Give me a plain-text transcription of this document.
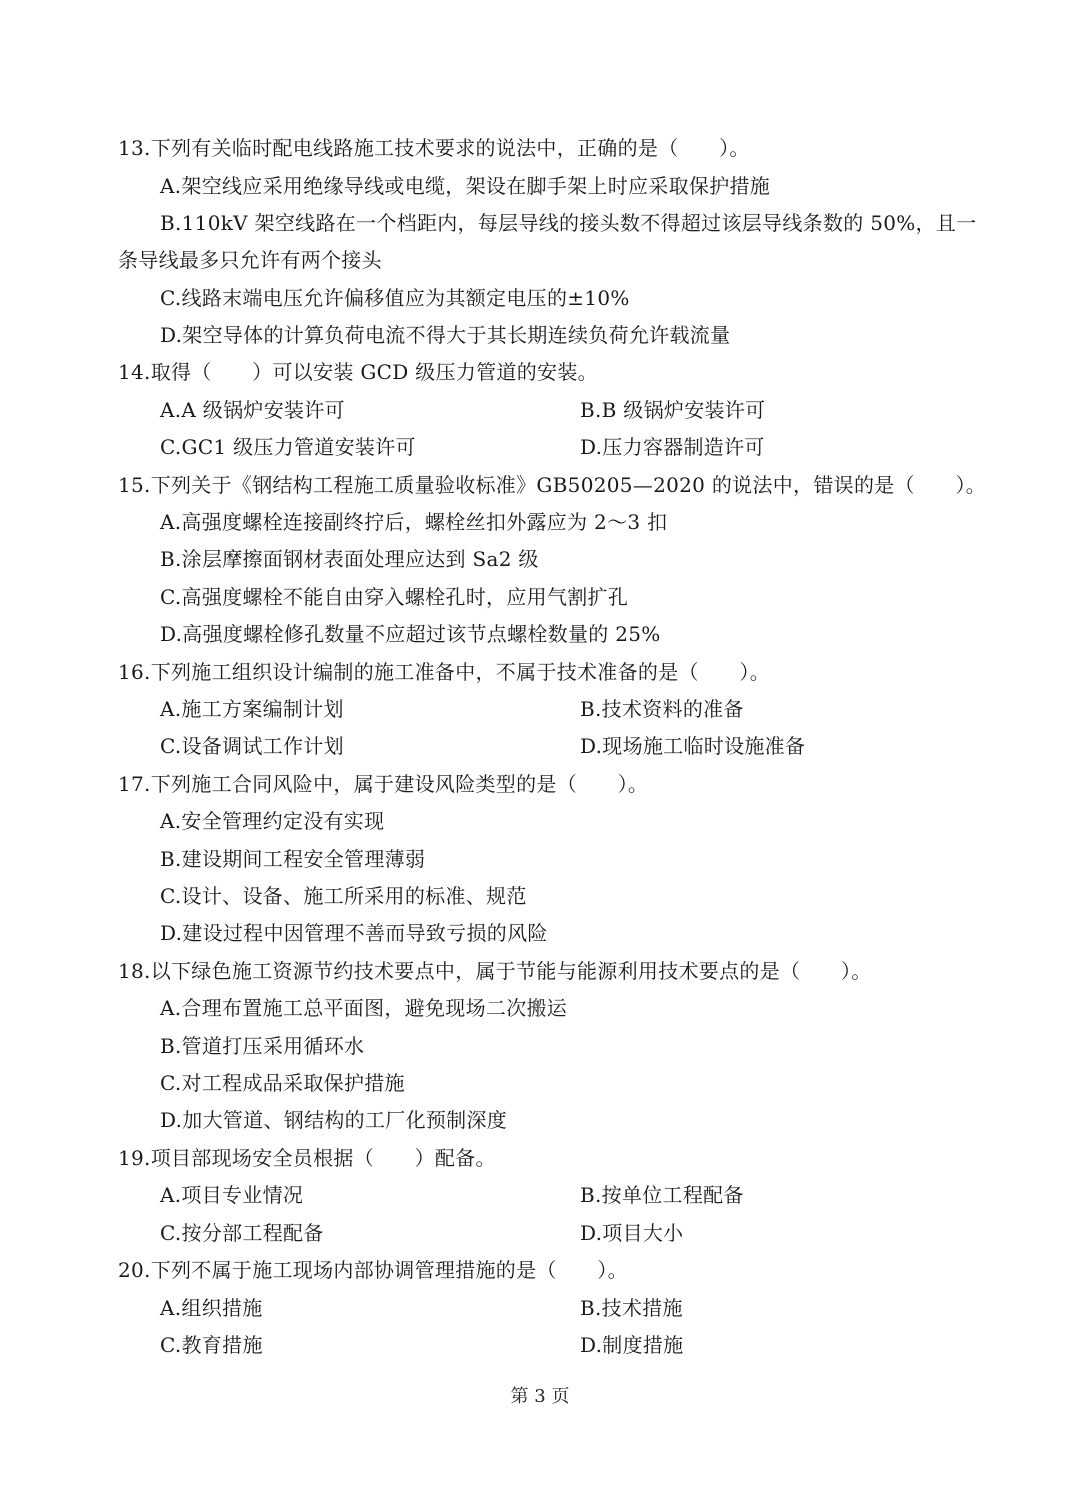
13.下列有关临时配电线路施工技术要求的说法中，正确的是（　　）。
A.架空线应采用绝缘导线或电缆，架设在脚手架上时应采取保护措施
B.110kV 架空线路在一个档距内，每层导线的接头数不得超过该层导线条数的 50%，且一
条导线最多只允许有两个接头
C.线路末端电压允许偏移值应为其额定电压的±10%
D.架空导体的计算负荷电流不得大于其长期连续负荷允许载流量
14.取得（　　）可以安装 GCD 级压力管道的安装。
A.A 级锅炉安装许可	B.B 级锅炉安装许可
C.GC1 级压力管道安装许可	D.压力容器制造许可
15.下列关于《钢结构工程施工质量验收标准》GB50205—2020 的说法中，错误的是（　　）。
A.高强度螺栓连接副终拧后，螺栓丝扣外露应为 2～3 扣
B.涂层摩擦面钢材表面处理应达到 Sa2 级
C.高强度螺栓不能自由穿入螺栓孔时，应用气割扩孔
D.高强度螺栓修孔数量不应超过该节点螺栓数量的 25%
16.下列施工组织设计编制的施工准备中，不属于技术准备的是（　　）。
A.施工方案编制计划	B.技术资料的准备
C.设备调试工作计划	D.现场施工临时设施准备
17.下列施工合同风险中，属于建设风险类型的是（　　）。
A.安全管理约定没有实现
B.建设期间工程安全管理薄弱
C.设计、设备、施工所采用的标准、规范
D.建设过程中因管理不善而导致亏损的风险
18.以下绿色施工资源节约技术要点中，属于节能与能源利用技术要点的是（　　）。
A.合理布置施工总平面图，避免现场二次搬运
B.管道打压采用循环水
C.对工程成品采取保护措施
D.加大管道、钢结构的工厂化预制深度
19.项目部现场安全员根据（　　）配备。
A.项目专业情况	B.按单位工程配备
C.按分部工程配备	D.项目大小
20.下列不属于施工现场内部协调管理措施的是（　　）。
A.组织措施	B.技术措施
C.教育措施	D.制度措施
第 3 页
